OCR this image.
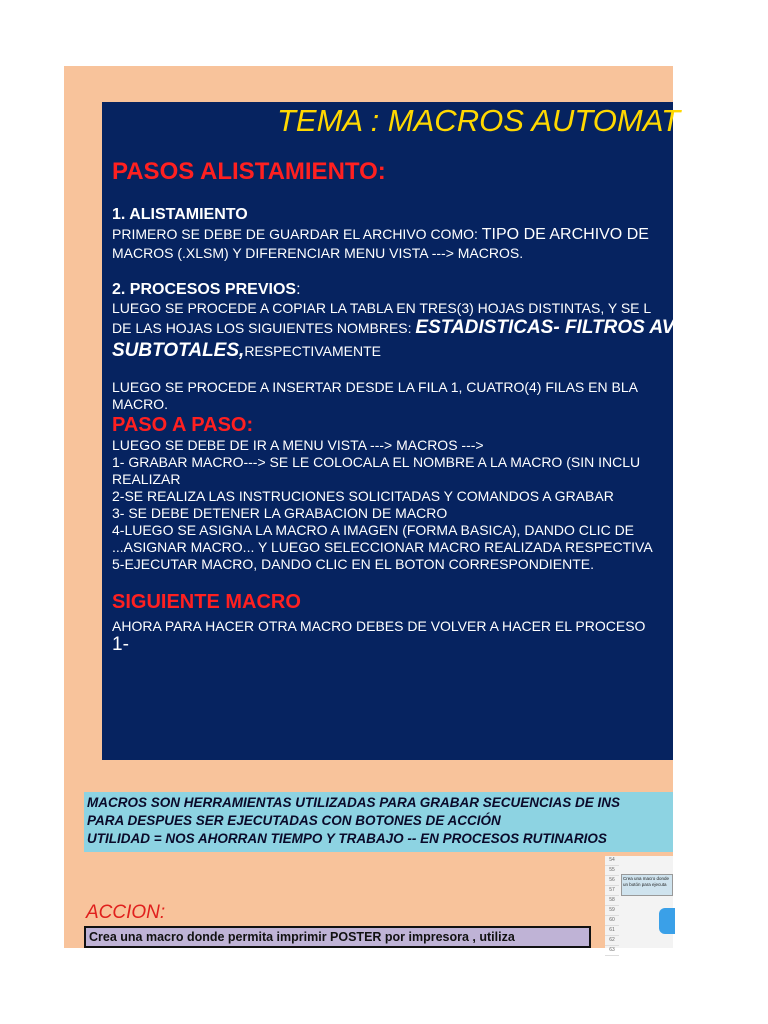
TEMA : MACROS AUTOMAT
PASOS ALISTAMIENTO:
1. ALISTAMIENTO
PRIMERO SE DEBE DE GUARDAR EL ARCHIVO COMO: TIPO DE ARCHIVO DE
MACROS (.XLSM) Y DIFERENCIAR MENU VISTA ---> MACROS.
2. PROCESOS PREVIOS:
LUEGO SE PROCEDE A COPIAR LA TABLA EN TRES(3) HOJAS DISTINTAS, Y SE L
DE LAS HOJAS LOS SIGUIENTES NOMBRES: ESTADISTICAS- FILTROS AV
SUBTOTALES,RESPECTIVAMENTE
LUEGO SE PROCEDE A INSERTAR DESDE LA FILA 1, CUATRO(4) FILAS EN BLA
MACRO.
PASO A PASO:
LUEGO SE DEBE DE IR A MENU VISTA ---> MACROS --->
1- GRABAR MACRO---> SE LE COLOCALA EL NOMBRE A LA MACRO (SIN INCLU
REALIZAR
2-SE REALIZA LAS INSTRUCIONES SOLICITADAS Y COMANDOS A GRABAR
3- SE DEBE DETENER LA GRABACION DE MACRO
4-LUEGO SE ASIGNA LA MACRO A IMAGEN (FORMA BASICA), DANDO CLIC DE
...ASIGNAR MACRO... Y LUEGO SELECCIONAR MACRO REALIZADA RESPECTIVA
5-EJECUTAR MACRO, DANDO CLIC EN EL BOTON CORRESPONDIENTE.
SIGUIENTE MACRO
AHORA PARA HACER OTRA MACRO DEBES DE VOLVER A HACER EL PROCESO
1-
MACROS SON HERRAMIENTAS UTILIZADAS PARA GRABAR SECUENCIAS DE INS
PARA DESPUES SER EJECUTADAS CON BOTONES DE ACCIÓN
UTILIDAD = NOS AHORRAN TIEMPO Y TRABAJO -- EN PROCESOS RUTINARIOS
ACCION:
Crea una macro donde permita imprimir POSTER por impresora , utiliza
54
55
56
57
58
59
60
61
62
63
Crea una macro donde
un botón para ejecuta
